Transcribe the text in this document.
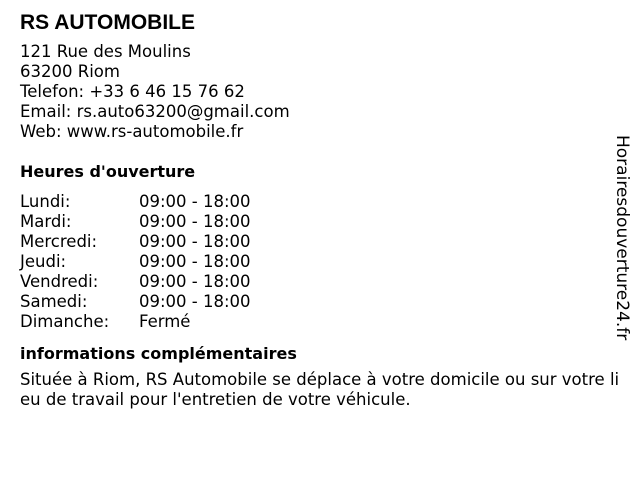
RS AUTOMOBILE
121 Rue des Moulins
63200 Riom
Telefon: +33 6 46 15 76 62
Email: rs.auto63200@gmail.com
Web: www.rs-automobile.fr
Heures d'ouverture
Lundi:	09:00 - 18:00
Mardi:	09:00 - 18:00
Mercredi:	09:00 - 18:00
Jeudi:	09:00 - 18:00
Vendredi:	09:00 - 18:00
Samedi:	09:00 - 18:00
Dimanche:	Fermé
informations complémentaires
Située à Riom, RS Automobile se déplace à votre domicile ou sur votre lieu de travail pour l'entretien de votre véhicule.
Horairesdouverture24.fr
